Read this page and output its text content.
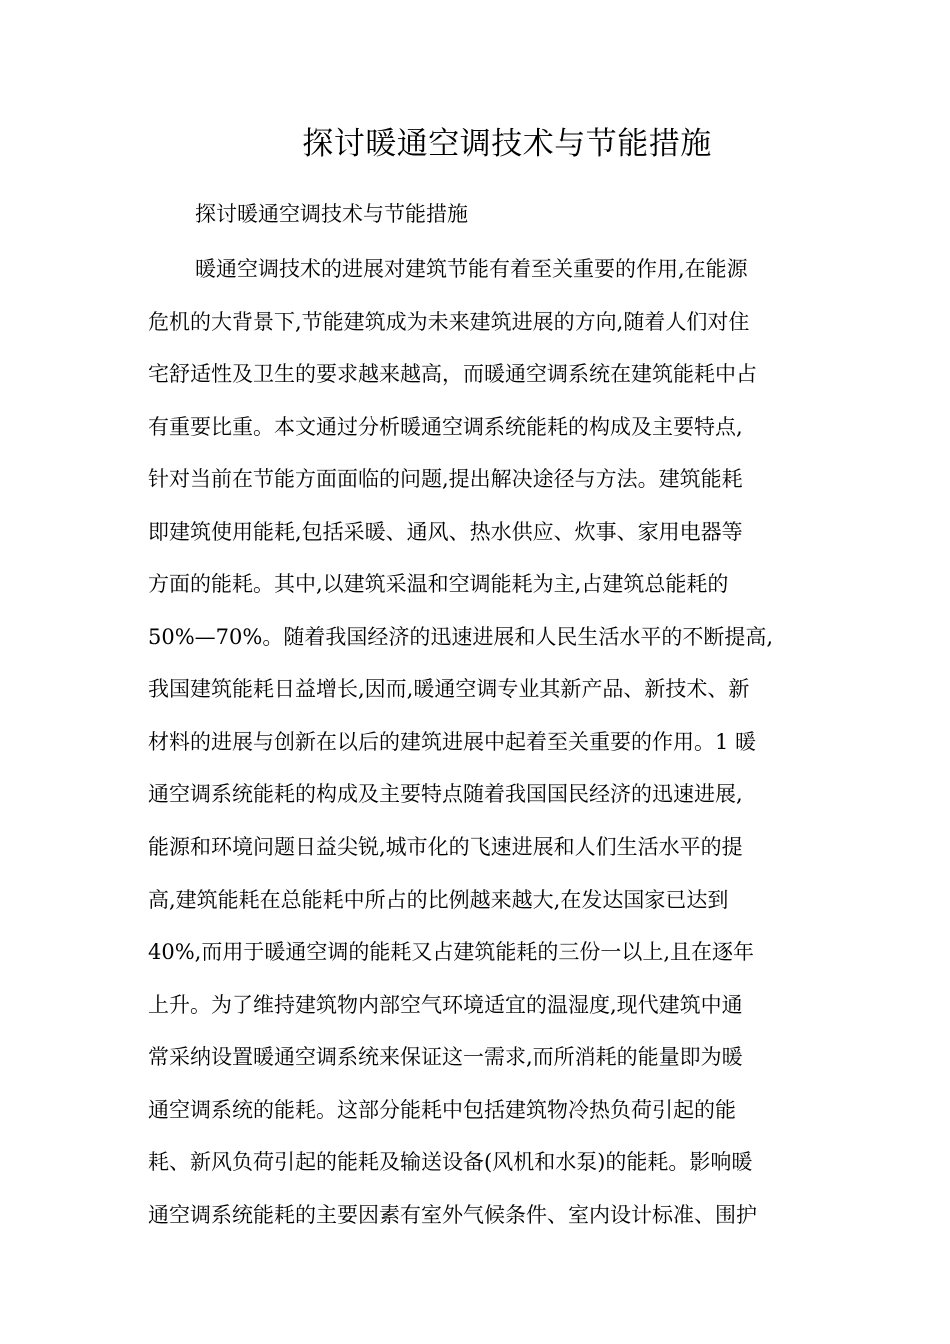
探讨暖通空调技术与节能措施

探讨暖通空调技术与节能措施

暖通空调技术的进展对建筑节能有着至关重要的作用,在能源
危机的大背景下,节能建筑成为未来建筑进展的方向,随着人们对住
宅舒适性及卫生的要求越来越高，而暖通空调系统在建筑能耗中占
有重要比重。本文通过分析暖通空调系统能耗的构成及主要特点,
针对当前在节能方面面临的问题,提出解决途径与方法。建筑能耗
即建筑使用能耗,包括采暖、通风、热水供应、炊事、家用电器等
方面的能耗。其中,以建筑采温和空调能耗为主,占建筑总能耗的
50%—70%。随着我国经济的迅速进展和人民生活水平的不断提高,
我国建筑能耗日益增长,因而,暖通空调专业其新产品、新技术、新
材料的进展与创新在以后的建筑进展中起着至关重要的作用。1 暖
通空调系统能耗的构成及主要特点随着我国国民经济的迅速进展,
能源和环境问题日益尖锐,城市化的飞速进展和人们生活水平的提
高,建筑能耗在总能耗中所占的比例越来越大,在发达国家已达到
40%,而用于暖通空调的能耗又占建筑能耗的三份一以上,且在逐年
上升。为了维持建筑物内部空气环境适宜的温湿度,现代建筑中通
常采纳设置暖通空调系统来保证这一需求,而所消耗的能量即为暖
通空调系统的能耗。这部分能耗中包括建筑物冷热负荷引起的能
耗、新风负荷引起的能耗及输送设备(风机和水泵)的能耗。影响暖
通空调系统能耗的主要因素有室外气候条件、室内设计标准、围护
